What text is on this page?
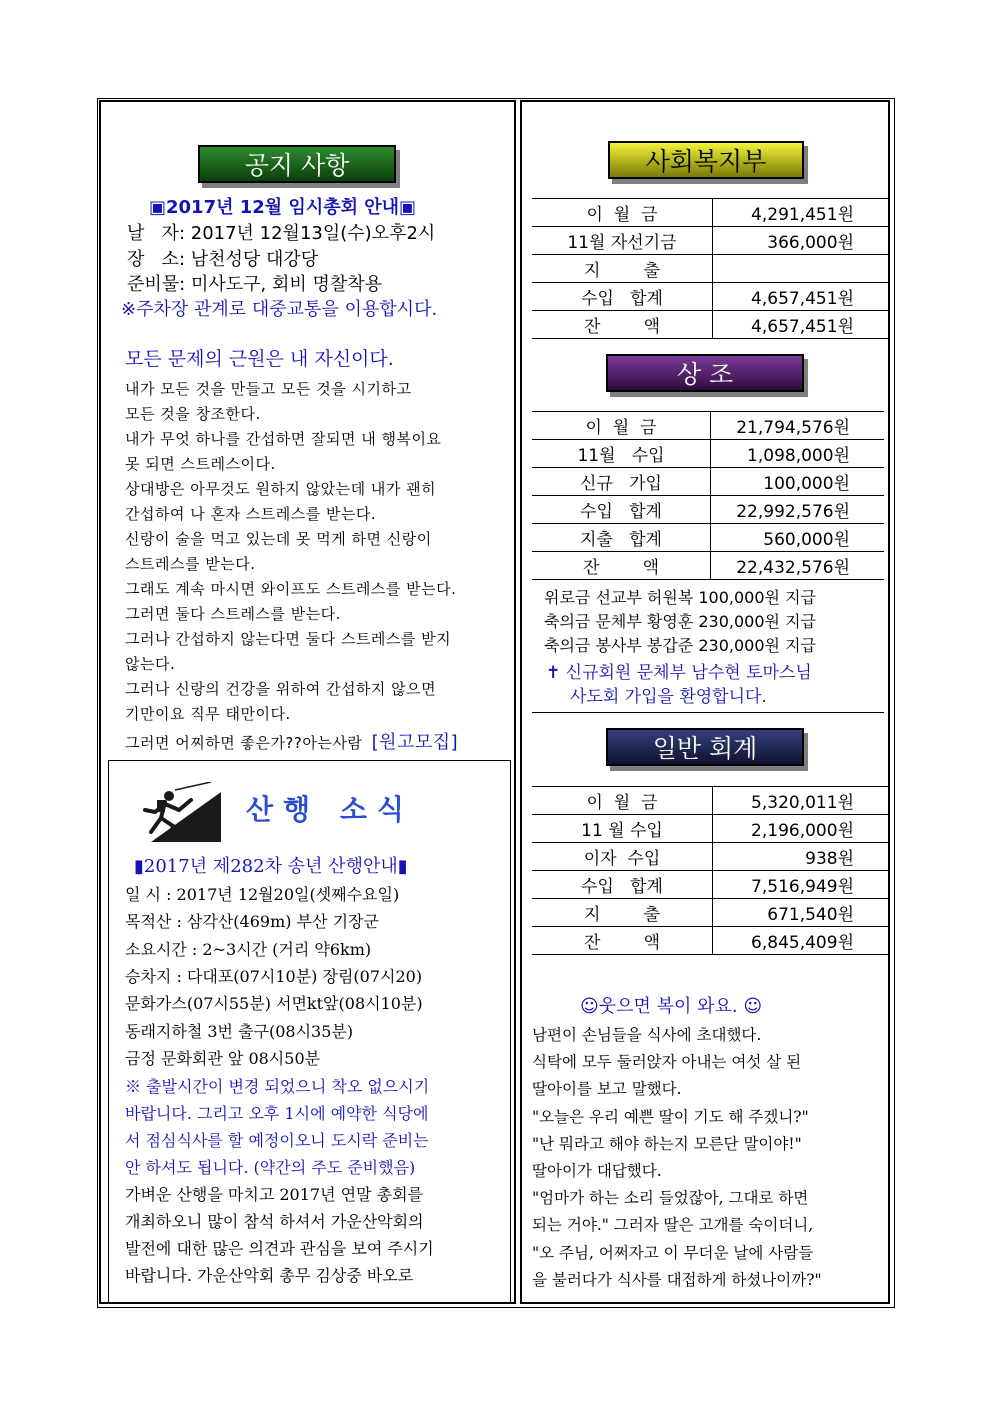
공지 사항
▣2017년 12월 임시총회 안내▣
날   자: 2017년 12월13일(수)오후2시
장   소: 남천성당 대강당
준비물: 미사도구, 회비 명찰착용
※주차장 관계로 대중교통을 이용합시다.
모든 문제의 근원은 내 자신이다.
내가 모든 것을 만들고 모든 것을 시기하고
모든 것을 창조한다.
내가 무엇 하나를 간섭하면 잘되면 내 행복이요
못 되면 스트레스이다.
상대방은 아무것도 원하지 않았는데 내가 괜히
간섭하여 나 혼자 스트레스를 받는다.
신랑이 술을 먹고 있는데 못 먹게 하면 신랑이
스트레스를 받는다.
그래도 계속 마시면 와이프도 스트레스를 받는다.
그러면 둘다 스트레스를 받는다.
그러나 간섭하지 않는다면 둘다 스트레스를 받지
않는다.
그러나 신랑의 건강을 위하여 간섭하지 않으면
기만이요 직무 태만이다.
그러면 어찌하면 좋은가??아는사람 [원고모집]
산행 소식
▮2017년 제282차 송년 산행안내▮
일 시 : 2017년 12월20일(셋째수요일)
목적산 : 삼각산(469m) 부산 기장군
소요시간 : 2~3시간 (거리 약6km)
승차지 : 다대포(07시10분) 장림(07시20)
문화가스(07시55분) 서면kt앞(08시10분)
동래지하철 3번 출구(08시35분)
금정 문화회관 앞 08시50분
※ 출발시간이 변경 되었으니 착오 없으시기
바랍니다. 그리고 오후 1시에 예약한 식당에
서 점심식사를 할 예정이오니 도시락 준비는
안 하셔도 됩니다. (약간의 주도 준비했음)
가벼운 산행을 마치고 2017년 연말 총회를
개최하오니 많이 참석 하셔서 가운산악회의
발전에 대한 많은 의견과 관심을 보여 주시기
바랍니다. 가운산악회 총무 김상중 바오로
사회복지부
이  월  금	4,291,451원
11월 자선기금	366,000원
지        출	
수입   합계	4,657,451원
잔        액	4,657,451원
상 조
이  월  금	21,794,576원
11월   수입	1,098,000원
신규   가입	100,000원
수입   합계	22,992,576원
지출   합계	560,000원
잔        액	22,432,576원
위로금 선교부 허원복 100,000원 지급
축의금 문체부 황영훈 230,000원 지급
축의금 봉사부 봉갑준 230,000원 지급
✝ 신규회원 문체부 남수현 토마스님
사도회 가입을 환영합니다.
일반 회계
이  월  금	5,320,011원
11 월 수입	2,196,000원
이자  수입	938원
수입   합계	7,516,949원
지        출	671,540원
잔        액	6,845,409원
☺웃으면 복이 와요. ☺
남편이 손님들을 식사에 초대했다.
식탁에 모두 둘러앉자 아내는 여섯 살 된
딸아이를 보고 말했다.
"오늘은 우리 예쁜 딸이 기도 해 주겠니?"
"난 뭐라고 해야 하는지 모른단 말이야!"
딸아이가 대답했다.
"엄마가 하는 소리 들었잖아, 그대로 하면
되는 거야." 그러자 딸은 고개를 숙이더니,
"오 주님, 어쩌자고 이 무더운 날에 사람들
을 불러다가 식사를 대접하게 하셨나이까?"
